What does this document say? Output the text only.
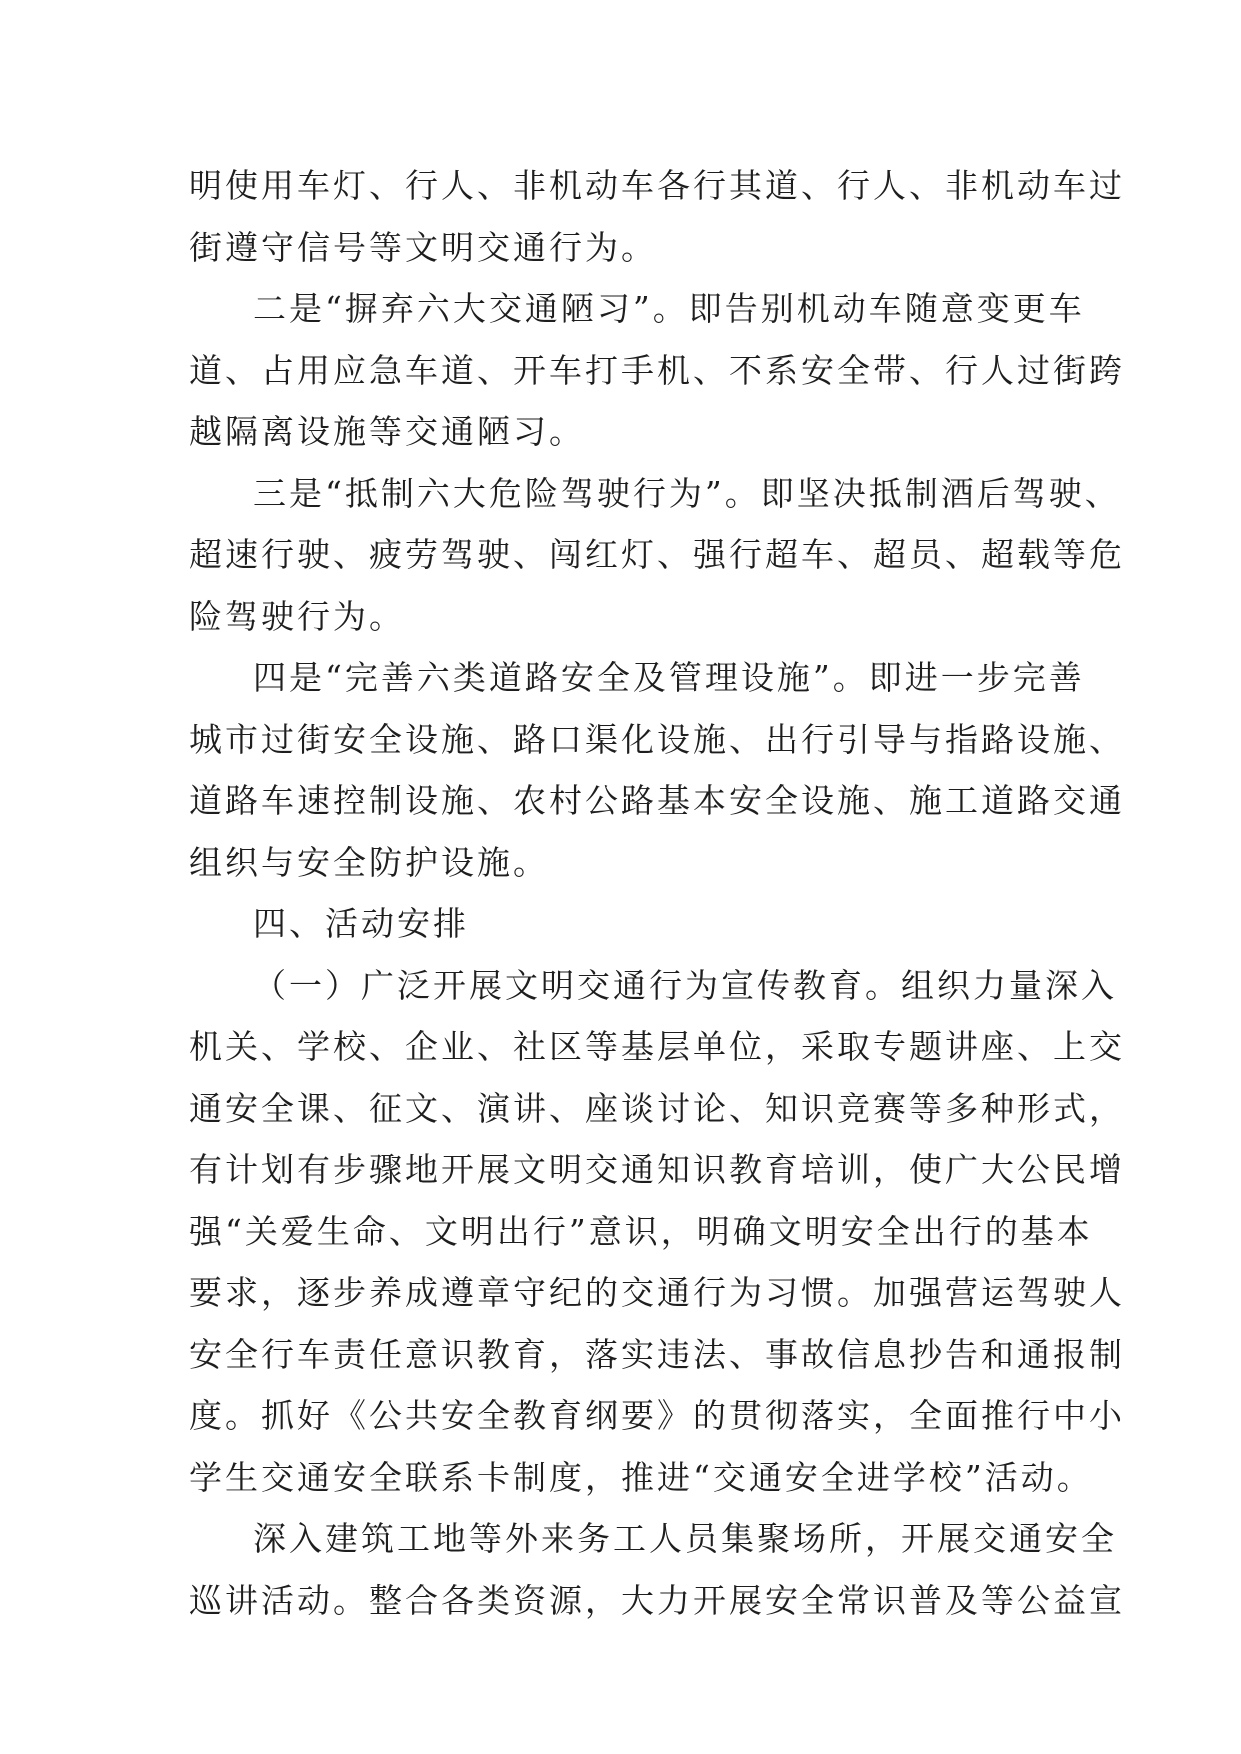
明使用车灯、行人、非机动车各行其道、行人、非机动车过
街遵守信号等文明交通行为。
二是“摒弃六大交通陋习”。即告别机动车随意变更车
道、占用应急车道、开车打手机、不系安全带、行人过街跨
越隔离设施等交通陋习。
三是“抵制六大危险驾驶行为”。即坚决抵制酒后驾驶、
超速行驶、疲劳驾驶、闯红灯、强行超车、超员、超载等危
险驾驶行为。
四是“完善六类道路安全及管理设施”。即进一步完善
城市过街安全设施、路口渠化设施、出行引导与指路设施、
道路车速控制设施、农村公路基本安全设施、施工道路交通
组织与安全防护设施。
四、活动安排
（一）广泛开展文明交通行为宣传教育。组织力量深入
机关、学校、企业、社区等基层单位，采取专题讲座、上交
通安全课、征文、演讲、座谈讨论、知识竞赛等多种形式，
有计划有步骤地开展文明交通知识教育培训，使广大公民增
强“关爱生命、文明出行”意识，明确文明安全出行的基本
要求，逐步养成遵章守纪的交通行为习惯。加强营运驾驶人
安全行车责任意识教育，落实违法、事故信息抄告和通报制
度。抓好《公共安全教育纲要》的贯彻落实，全面推行中小
学生交通安全联系卡制度，推进“交通安全进学校”活动。
深入建筑工地等外来务工人员集聚场所，开展交通安全
巡讲活动。整合各类资源，大力开展安全常识普及等公益宣
